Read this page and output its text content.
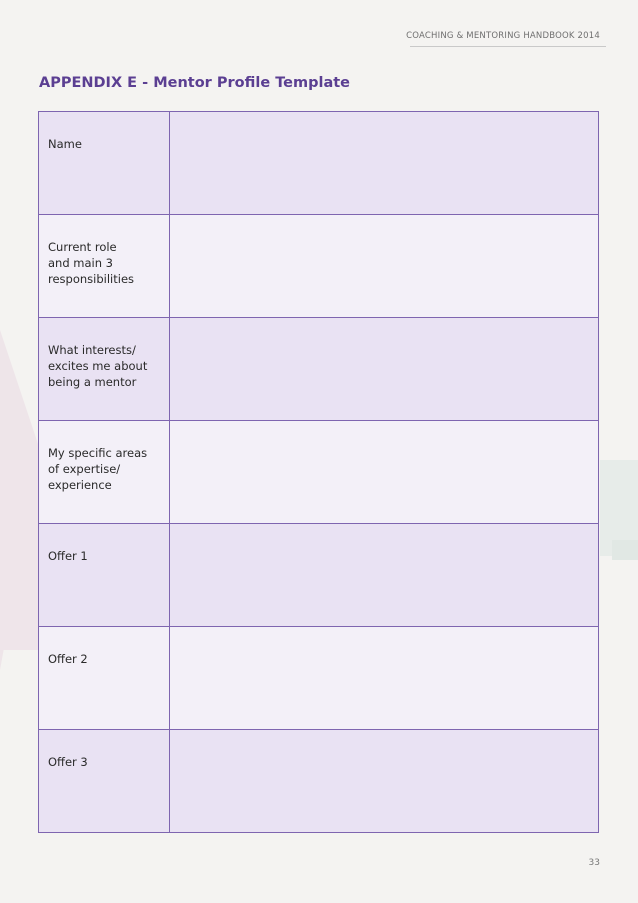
COACHING & MENTORING HANDBOOK 2014
APPENDIX E - Mentor Profile Template
Name	

Current role
and main 3
responsibilities	

What interests/
excites me about
being a mentor	

My specific areas
of expertise/
experience	

Offer 1	

Offer 2	

Offer 3	

33
